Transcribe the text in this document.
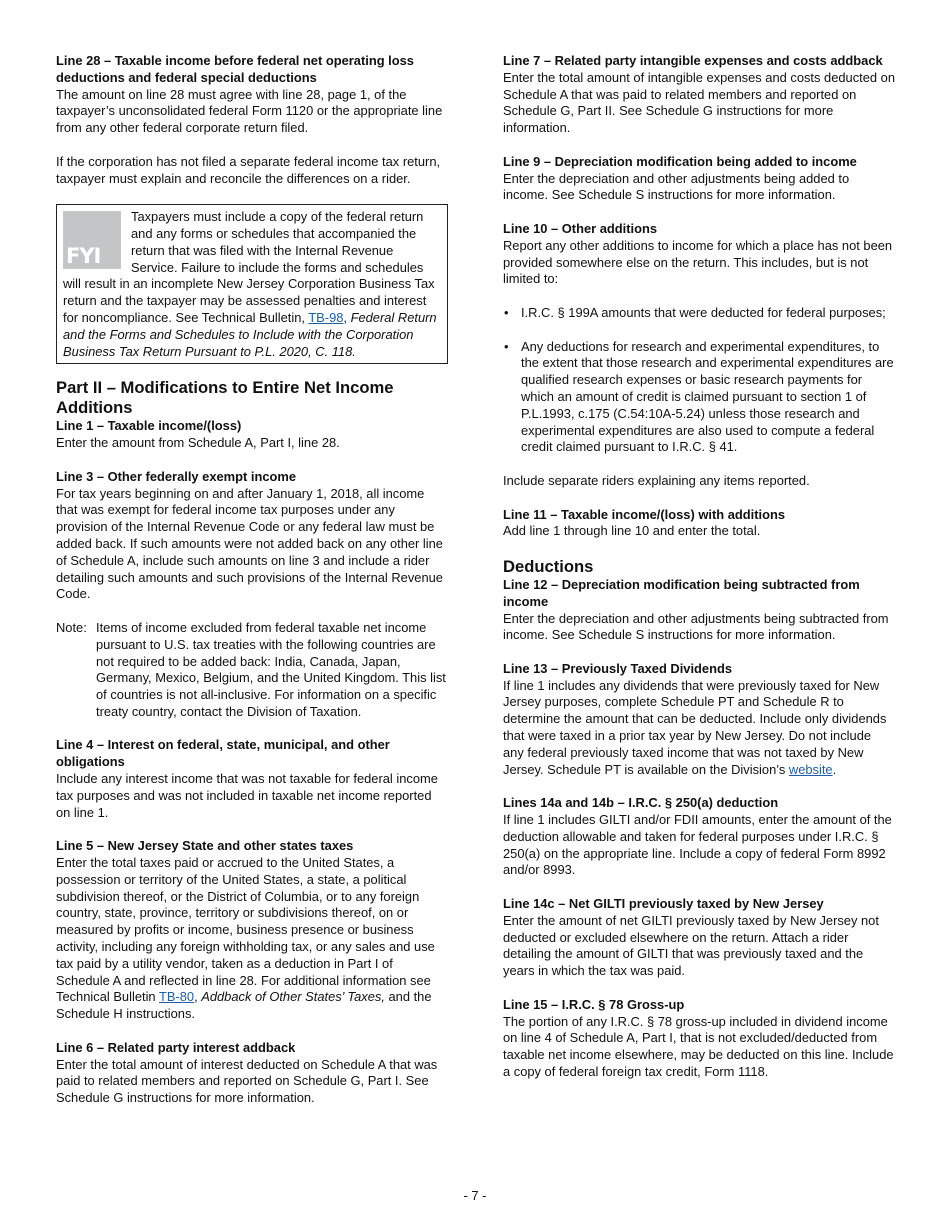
Line 28 – Taxable income before federal net operating loss deductions and federal special deductions

The amount on line 28 must agree with line 28, page 1, of the taxpayer’s unconsolidated federal Form 1120 or the appropriate line from any other federal corporate return filed.

If the corporation has not filed a separate federal income tax return, taxpayer must explain and reconcile the differences on a rider.

FYI
Taxpayers must include a copy of the federal return and any forms or schedules that accompanied the return that was filed with the Internal Revenue Service. Failure to include the forms and schedules will result in an incomplete New Jersey Corporation Business Tax return and the taxpayer may be assessed penalties and interest for noncompliance. See Technical Bulletin, TB-98, Federal Return and the Forms and Schedules to Include with the Corporation Business Tax Return Pursuant to P.L. 2020, C. 118.
Part II – Modifications to Entire Net Income
Additions

Line 1 – Taxable income/(loss)

Enter the amount from Schedule A, Part I, line 28.

Line 3 – Other federally exempt income

For tax years beginning on and after January 1, 2018, all income that was exempt for federal income tax purposes under any provision of the Internal Revenue Code or any federal law must be added back. If such amounts were not added back on any other line of Schedule A, include such amounts on line 3 and include a rider detailing such amounts and such provisions of the Internal Revenue Code.

Note: Items of income excluded from federal taxable net income pursuant to U.S. tax treaties with the following countries are not required to be added back: India, Canada, Japan, Germany, Mexico, Belgium, and the United Kingdom. This list of countries is not all-inclusive. For information on a specific treaty country, contact the Division of Taxation.

Line 4 – Interest on federal, state, municipal, and other obligations

Include any interest income that was not taxable for federal income tax purposes and was not included in taxable net income reported on line 1.

Line 5 – New Jersey State and other states taxes

Enter the total taxes paid or accrued to the United States, a possession or territory of the United States, a state, a political subdivision thereof, or the District of Columbia, or to any foreign country, state, province, territory or subdivisions thereof, on or measured by profits or income, business presence or business activity, including any foreign withholding tax, or any sales and use tax paid by a utility vendor, taken as a deduction in Part I of Schedule A and reflected in line 28. For additional information see Technical Bulletin TB-80, Addback of Other States’ Taxes, and the Schedule H instructions.

Line 6 – Related party interest addback

Enter the total amount of interest deducted on Schedule A that was paid to related members and reported on Schedule G, Part I. See Schedule G instructions for more information.

Line 7 – Related party intangible expenses and costs addback

Enter the total amount of intangible expenses and costs deducted on Schedule A that was paid to related members and reported on Schedule G, Part II. See Schedule G instructions for more information.

Line 9 – Depreciation modification being added to income

Enter the depreciation and other adjustments being added to income. See Schedule S instructions for more information.

Line 10 – Other additions

Report any other additions to income for which a place has not been provided somewhere else on the return. This includes, but is not limited to:

• I.R.C. § 199A amounts that were deducted for federal purposes;
• Any deductions for research and experimental expenditures, to the extent that those research and experimental expenditures are qualified research expenses or basic research payments for which an amount of credit is claimed pursuant to section 1 of P.L.1993, c.175 (C.54:10A-5.24) unless those research and experimental expenditures are also used to compute a federal credit claimed pursuant to I.R.C. § 41.

Include separate riders explaining any items reported.

Line 11 – Taxable income/(loss) with additions

Add line 1 through line 10 and enter the total.

Deductions

Line 12 – Depreciation modification being subtracted from income

Enter the depreciation and other adjustments being subtracted from income. See Schedule S instructions for more information.

Line 13 – Previously Taxed Dividends

If line 1 includes any dividends that were previously taxed for New Jersey purposes, complete Schedule PT and Schedule R to determine the amount that can be deducted. Include only dividends that were taxed in a prior tax year by New Jersey. Do not include any federal previously taxed income that was not taxed by New Jersey. Schedule PT is available on the Division’s website.

Lines 14a and 14b – I.R.C. § 250(a) deduction

If line 1 includes GILTI and/or FDII amounts, enter the amount of the deduction allowable and taken for federal purposes under I.R.C. § 250(a) on the appropriate line. Include a copy of federal Form 8992 and/or 8993.

Line 14c – Net GILTI previously taxed by New Jersey

Enter the amount of net GILTI previously taxed by New Jersey not deducted or excluded elsewhere on the return. Attach a rider detailing the amount of GILTI that was previously taxed and the years in which the tax was paid.

Line 15 – I.R.C. § 78 Gross-up

The portion of any I.R.C. § 78 gross-up included in dividend income on line 4 of Schedule A, Part I, that is not excluded/deducted from taxable net income elsewhere, may be deducted on this line. Include a copy of federal foreign tax credit, Form 1118.

- 7 -
